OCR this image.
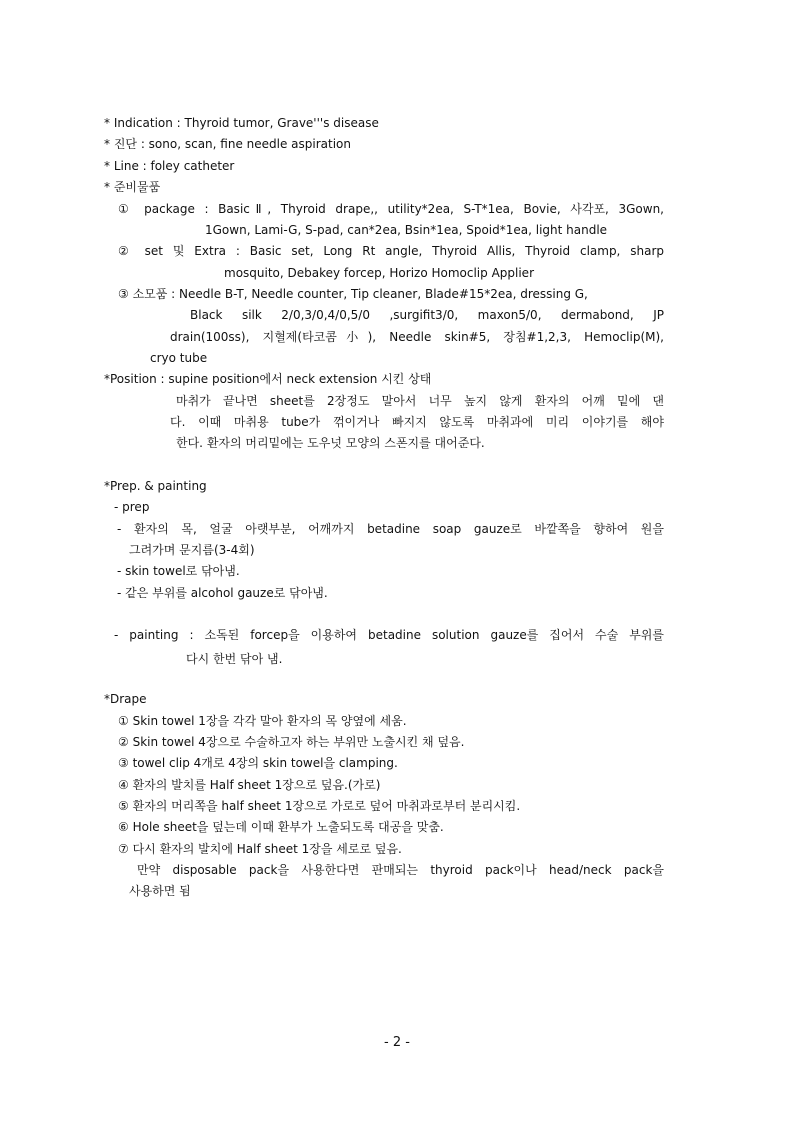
* Indication : Thyroid tumor, Grave'''s disease
* 진단 : sono, scan, fine needle aspiration
* Line : foley catheter
* 준비물품
① package : BasicⅡ, Thyroid drape,, utility*2ea, S-T*1ea, Bovie, 사각포, 3Gown,
1Gown, Lami-G, S-pad, can*2ea, Bsin*1ea, Spoid*1ea, light handle
② set 및 Extra : Basic set, Long Rt angle, Thyroid Allis, Thyroid clamp, sharp
mosquito, Debakey forcep, Horizo Homoclip Applier
③ 소모품 : Needle B-T, Needle counter, Tip cleaner, Blade#15*2ea, dressing G,
Black silk 2/0,3/0,4/0,5/0 ,surgifit3/0, maxon5/0, dermabond, JP
drain(100ss), 지혈제(타코콤小), Needle skin#5, 장침#1,2,3, Hemoclip(M),
cryo tube
*Position : supine position에서 neck extension 시킨 상태
마취가 끝나면 sheet를 2장정도 말아서 너무 높지 않게 환자의 어깨 밑에 댄
다. 이때 마취용 tube가 꺾이거나 빠지지 않도록 마취과에 미리 이야기를 해야
한다. 환자의 머리밑에는 도우넛 모양의 스폰지를 대어준다.
*Prep. & painting
- prep
- 환자의 목, 얼굴 아랫부분, 어깨까지 betadine soap gauze로 바깥쪽을 향하여 원을
그려가며 문지름(3-4회)
- skin towel로 닦아냄.
- 같은 부위를 alcohol gauze로 닦아냄.
- painting : 소독된 forcep을 이용하여 betadine solution gauze를 집어서 수술 부위를
다시 한번 닦아 냄.
*Drape
① Skin towel 1장을 각각 말아 환자의 목 양옆에 세움.
② Skin towel 4장으로 수술하고자 하는 부위만 노출시킨 채 덮음.
③ towel clip 4개로 4장의 skin towel을 clamping.
④ 환자의 발치를 Half sheet 1장으로 덮음.(가로)
⑤ 환자의 머리쪽을 half sheet 1장으로 가로로 덮어 마취과로부터 분리시킴.
⑥ Hole sheet을 덮는데 이때 환부가 노출되도록 대공을 맞춤.
⑦ 다시 환자의 발치에 Half sheet 1장을 세로로 덮음.
만약 disposable pack을 사용한다면 판매되는 thyroid pack이나 head/neck pack을
사용하면 됨
- 2 -
